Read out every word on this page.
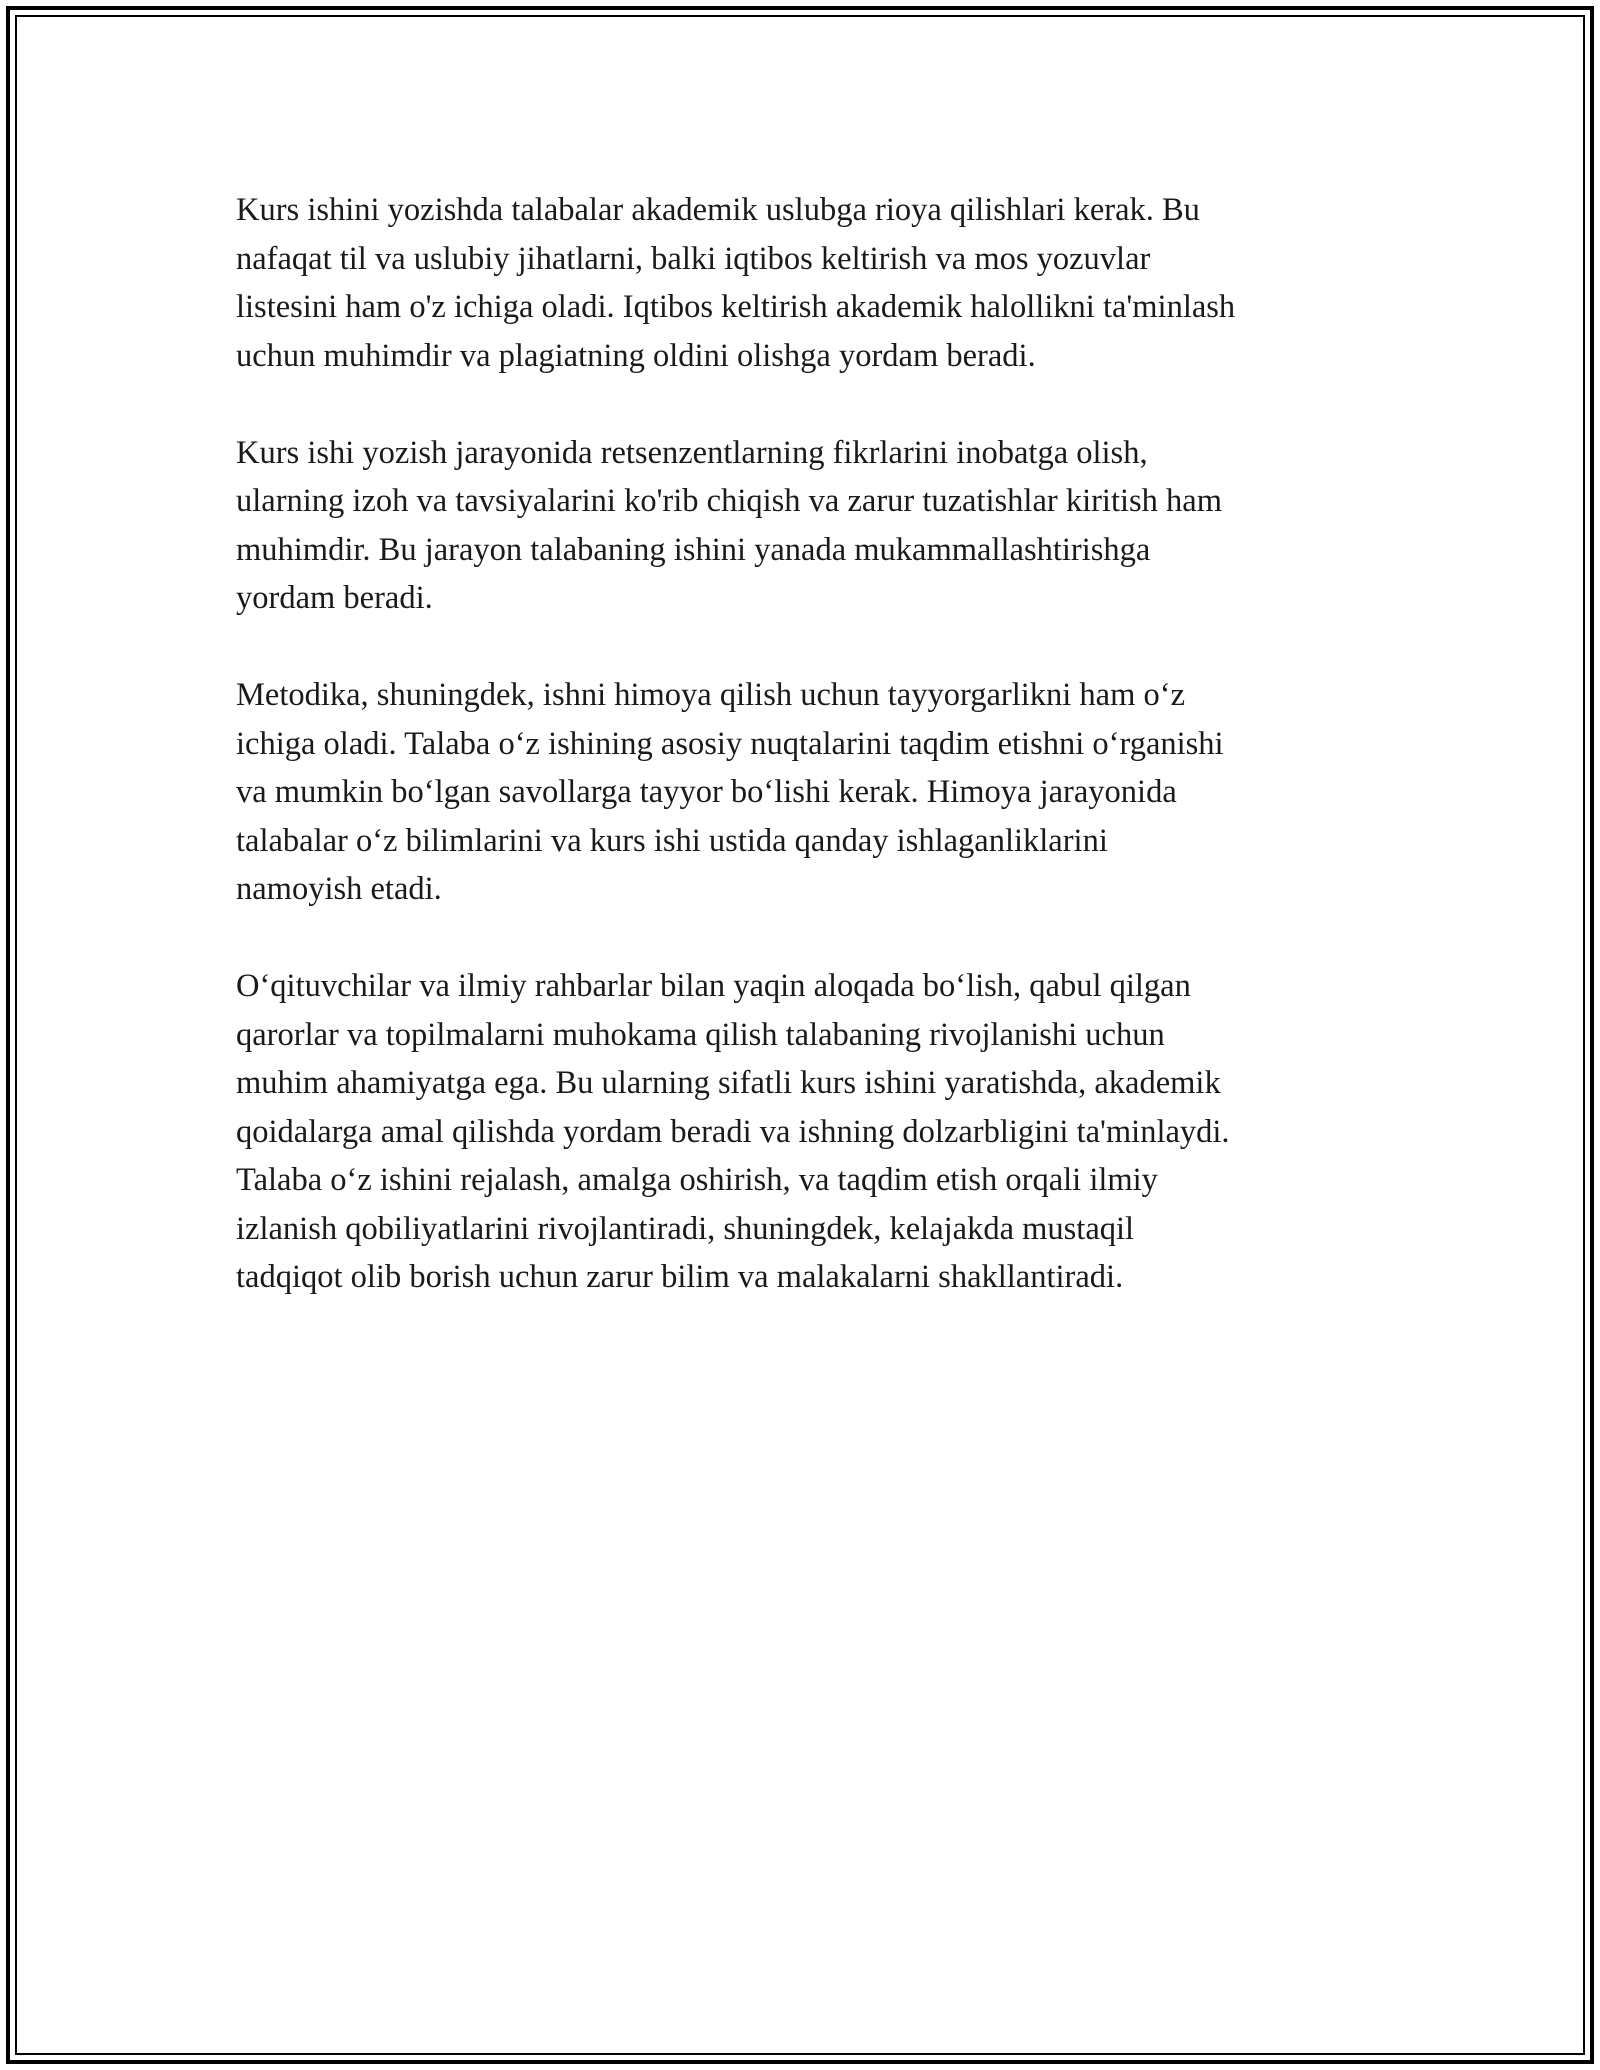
Kurs ishini yozishda talabalar akademik uslubga rioya qilishlari kerak. Bu
nafaqat til va uslubiy jihatlarni, balki iqtibos keltirish va mos yozuvlar
listesini ham o'z ichiga oladi. Iqtibos keltirish akademik halollikni ta'minlash
uchun muhimdir va plagiatning oldini olishga yordam beradi.

Kurs ishi yozish jarayonida retsenzentlarning fikrlarini inobatga olish,
ularning izoh va tavsiyalarini ko'rib chiqish va zarur tuzatishlar kiritish ham
muhimdir. Bu jarayon talabaning ishini yanada mukammallashtirishga
yordam beradi.

Metodika, shuningdek, ishni himoya qilish uchun tayyorgarlikni ham oʻz
ichiga oladi. Talaba oʻz ishining asosiy nuqtalarini taqdim etishni oʻrganishi
va mumkin boʻlgan savollarga tayyor boʻlishi kerak. Himoya jarayonida
talabalar oʻz bilimlarini va kurs ishi ustida qanday ishlaganliklarini
namoyish etadi.

Oʻqituvchilar va ilmiy rahbarlar bilan yaqin aloqada boʻlish, qabul qilgan
qarorlar va topilmalarni muhokama qilish talabaning rivojlanishi uchun
muhim ahamiyatga ega. Bu ularning sifatli kurs ishini yaratishda, akademik
qoidalarga amal qilishda yordam beradi va ishning dolzarbligini ta'minlaydi.
Talaba oʻz ishini rejalash, amalga oshirish, va taqdim etish orqali ilmiy
izlanish qobiliyatlarini rivojlantiradi, shuningdek, kelajakda mustaqil
tadqiqot olib borish uchun zarur bilim va malakalarni shakllantiradi.
